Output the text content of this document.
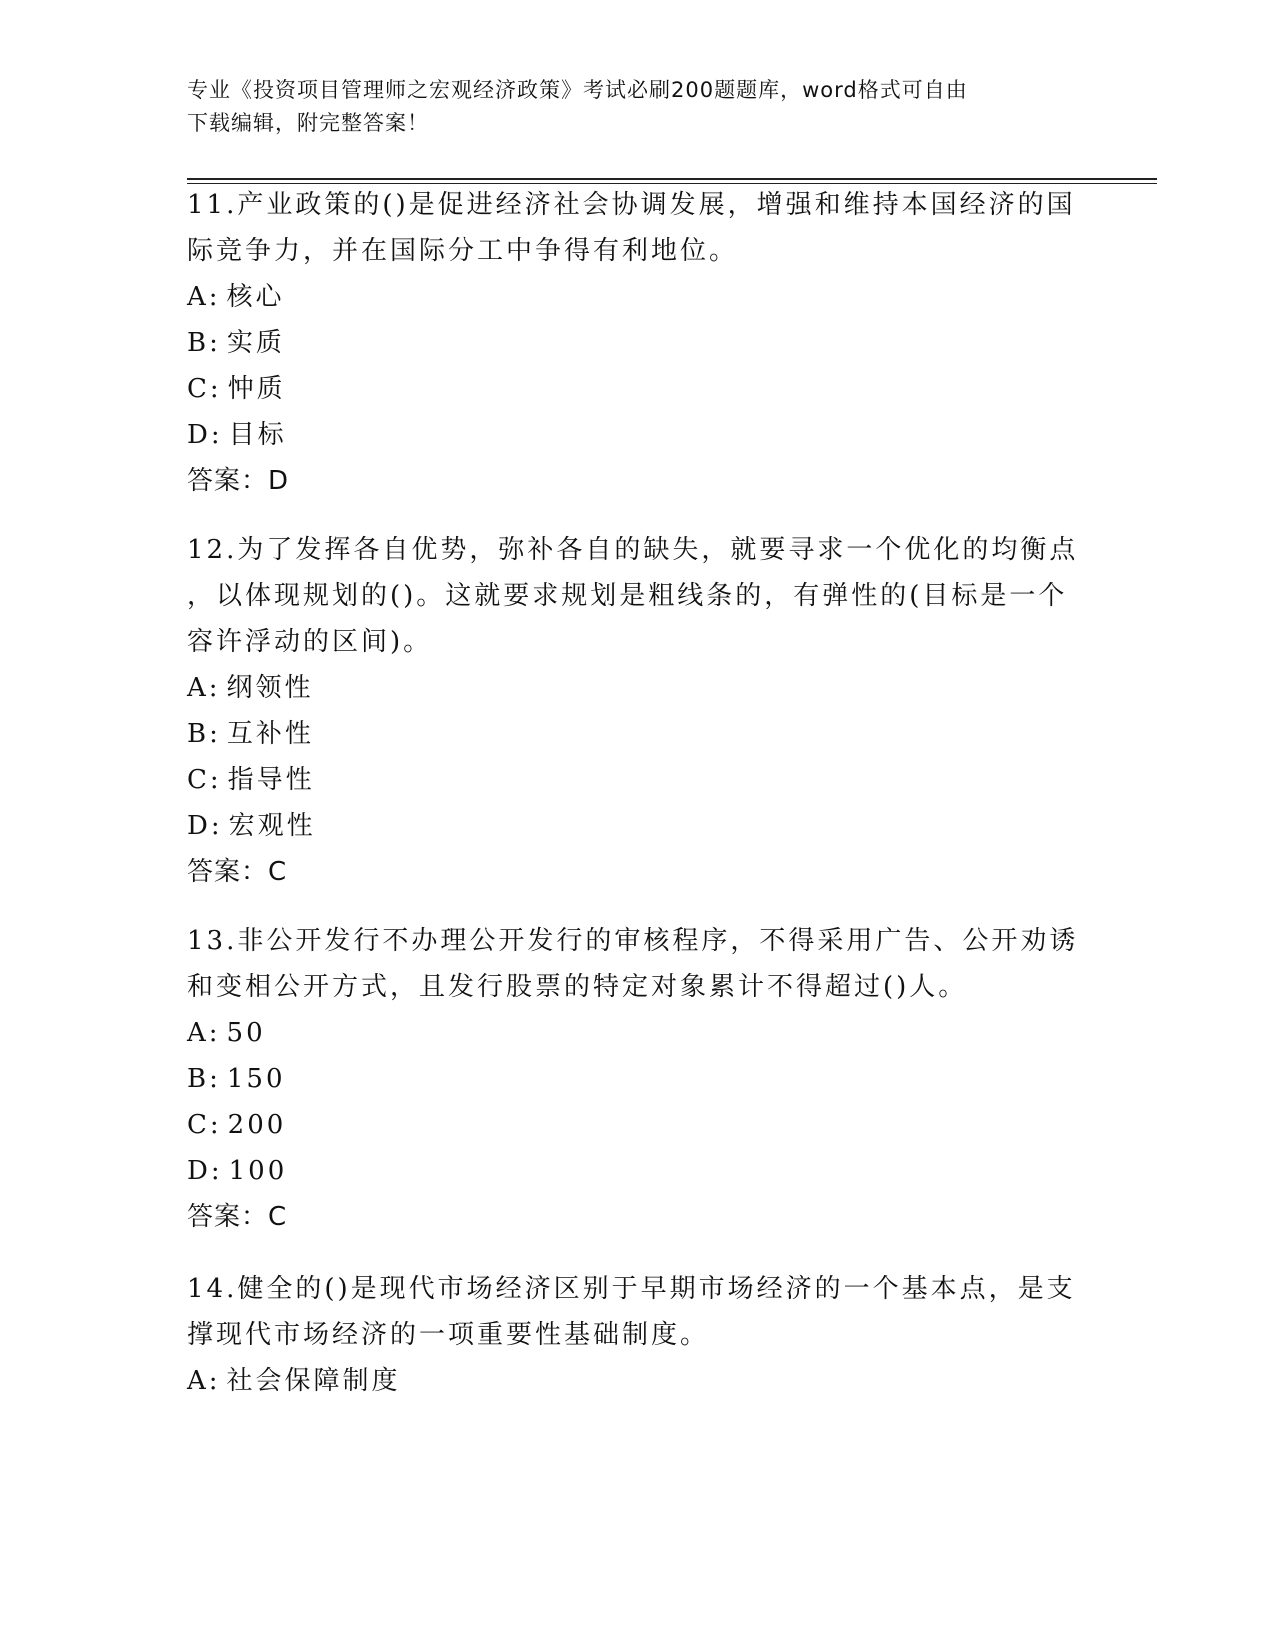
专业《投资项目管理师之宏观经济政策》考试必刷200题题库，word格式可自由
下载编辑，附完整答案！
11.产业政策的()是促进经济社会协调发展，增强和维持本国经济的国
际竞争力，并在国际分工中争得有利地位。
A: 核心
B: 实质
C: 忡质
D: 目标
答案：D
12.为了发挥各自优势，弥补各自的缺失，就要寻求一个优化的均衡点
，以体现规划的()。这就要求规划是粗线条的，有弹性的(目标是一个
容许浮动的区间)。
A: 纲领性
B: 互补性
C: 指导性
D: 宏观性
答案：C
13.非公开发行不办理公开发行的审核程序，不得采用广告、公开劝诱
和变相公开方式，且发行股票的特定对象累计不得超过()人。
A: 50
B: 150
C: 200
D: 100
答案：C
14.健全的()是现代市场经济区别于早期市场经济的一个基本点，是支
撑现代市场经济的一项重要性基础制度。
A: 社会保障制度
